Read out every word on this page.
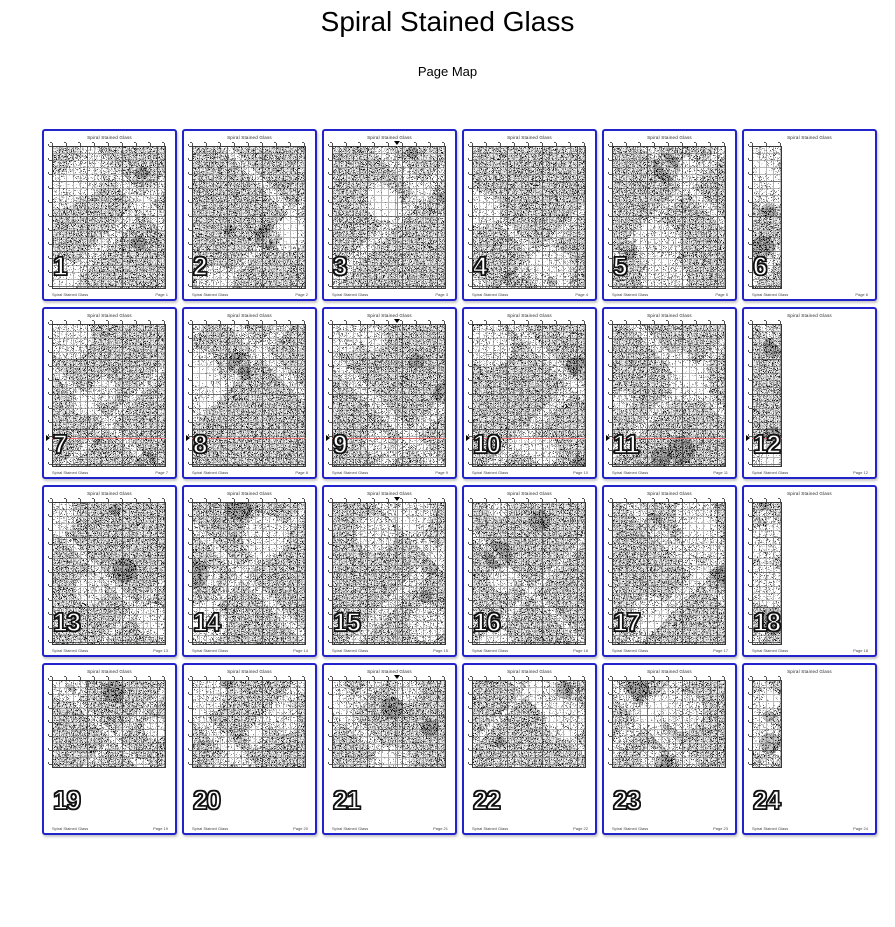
Spiral Stained Glass
Page Map
Spiral Stained Glass
1
Spiral Stained Glass	Page 1
Spiral Stained Glass
2
Spiral Stained Glass	Page 2
Spiral Stained Glass
3
Spiral Stained Glass	Page 3
Spiral Stained Glass
4
Spiral Stained Glass	Page 4
Spiral Stained Glass
5
Spiral Stained Glass	Page 5
Spiral Stained Glass
6
Spiral Stained Glass	Page 6
Spiral Stained Glass
7
Spiral Stained Glass	Page 7
Spiral Stained Glass
8
Spiral Stained Glass	Page 8
Spiral Stained Glass
9
Spiral Stained Glass	Page 9
Spiral Stained Glass
10
Spiral Stained Glass	Page 10
Spiral Stained Glass
11
Spiral Stained Glass	Page 11
Spiral Stained Glass
12
Spiral Stained Glass	Page 12
Spiral Stained Glass
13
Spiral Stained Glass	Page 13
Spiral Stained Glass
14
Spiral Stained Glass	Page 14
Spiral Stained Glass
15
Spiral Stained Glass	Page 15
Spiral Stained Glass
16
Spiral Stained Glass	Page 16
Spiral Stained Glass
17
Spiral Stained Glass	Page 17
Spiral Stained Glass
18
Spiral Stained Glass	Page 18
Spiral Stained Glass
19
Spiral Stained Glass	Page 19
Spiral Stained Glass
20
Spiral Stained Glass	Page 20
Spiral Stained Glass
21
Spiral Stained Glass	Page 21
Spiral Stained Glass
22
Spiral Stained Glass	Page 22
Spiral Stained Glass
23
Spiral Stained Glass	Page 23
Spiral Stained Glass
24
Spiral Stained Glass	Page 24
